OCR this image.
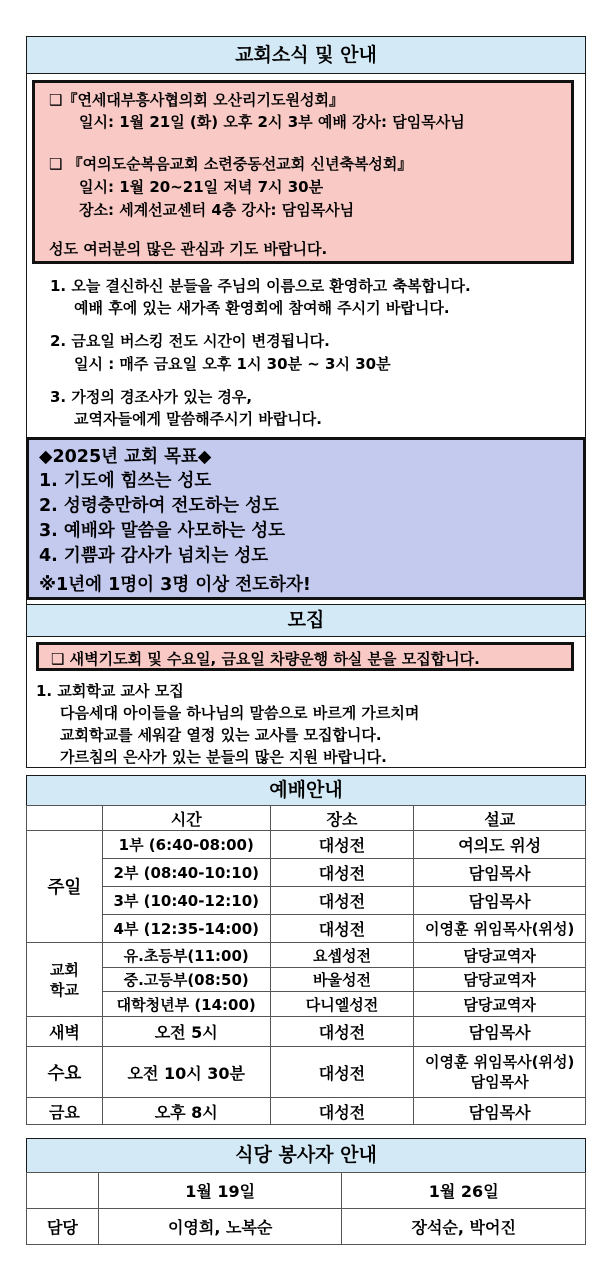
교회소식 및 안내
❑『연세대부흥사협의회 오산리기도원성회』
일시: 1월 21일 (화) 오후 2시 3부 예배 강사: 담임목사님
❑ 『여의도순복음교회 소련중동선교회 신년축복성회』
일시: 1월 20~21일 저녁 7시 30분
장소: 세계선교센터 4층 강사: 담임목사님
성도 여러분의 많은 관심과 기도 바랍니다.
1. 오늘 결신하신 분들을 주님의 이름으로 환영하고 축복합니다.
예배 후에 있는 새가족 환영회에 참여해 주시기 바랍니다.
2. 금요일 버스킹 전도 시간이 변경됩니다.
일시 : 매주 금요일 오후 1시 30분 ~ 3시 30분
3. 가정의 경조사가 있는 경우,
교역자들에게 말씀해주시기 바랍니다.
◆2025년 교회 목표◆
1. 기도에 힘쓰는 성도
2. 성령충만하여 전도하는 성도
3. 예배와 말씀을 사모하는 성도
4. 기쁨과 감사가 넘치는 성도
※1년에 1명이 3명 이상 전도하자!
모집
❑ 새벽기도회 및 수요일, 금요일 차량운행 하실 분을 모집합니다.
1. 교회학교 교사 모집
다음세대 아이들을 하나님의 말씀으로 바르게 가르치며
교회학교를 세워갈 열정 있는 교사를 모집합니다.
가르침의 은사가 있는 분들의 많은 지원 바랍니다.
예배안내
	시간	장소	설교
주일	1부 (6:40-08:00)	대성전	여의도 위성
	2부 (08:40-10:10)	대성전	담임목사
	3부 (10:40-12:10)	대성전	담임목사
	4부 (12:35-14:00)	대성전	이영훈 위임목사(위성)

교회
학교	유.초등부(11:00)	요셉성전	담당교역자
	중.고등부(08:50)	바울성전	담당교역자
	대학청년부 (14:00)	다니엘성전	담당교역자
새벽	오전 5시	대성전	담임목사
수요	오전 10시 30분	대성전	이영훈 위임목사(위성)
담임목사

금요	오후 8시	대성전	담임목사
식당 봉사자 안내
	1월 19일	1월 26일
담당	이영희, 노복순	장석순, 박어진
